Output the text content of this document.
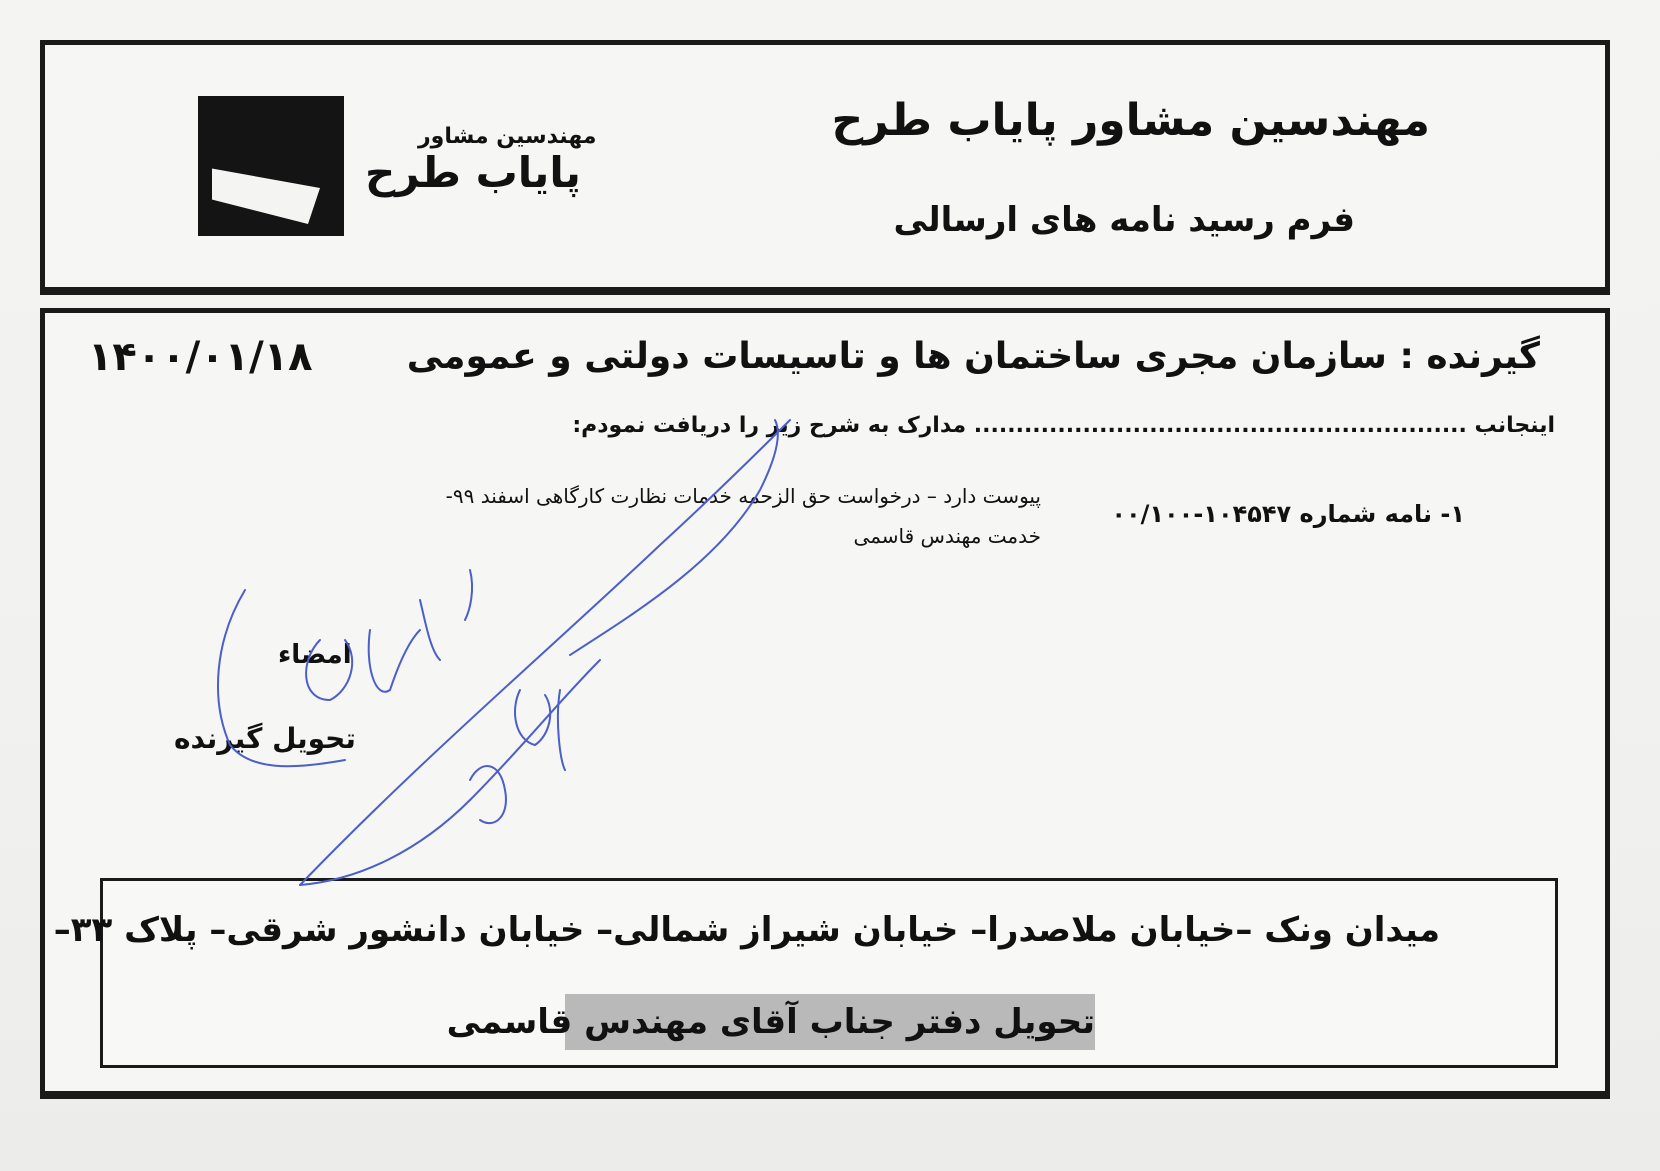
مهندسین مشاور پایاب طرح
فرم رسید نامه های ارسالی
مهندسین مشاور
پایاب طرح
گیرنده : سازمان مجری ساختمان ها و تاسیسات دولتی و عمومی
۱۴۰۰/۰۱/۱۸
اینجانب ........................................................... مدارک به شرح زیر را دریافت نمودم:
۱- نامه شماره ۱۰۴۵۴۷-۰۰/۱۰۰
پیوست دارد – درخواست حق الزحمه خدمات نظارت کارگاهی اسفند ۹۹-
خدمت مهندس قاسمی
امضاء
تحویل گیرنده
میدان ونک –خیابان ملاصدرا– خیابان شیراز شمالی– خیابان دانشور شرقی– پلاک ۳۳–
تحویل دفتر جناب آقای مهندس قاسمی
